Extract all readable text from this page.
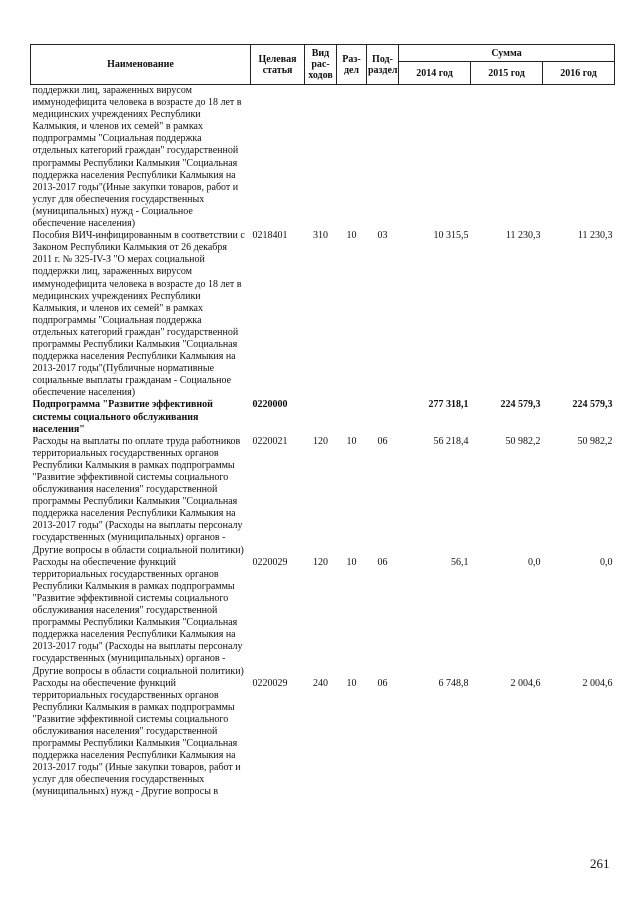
Наименование	Целевая статья	Вид рас- ходов	Раз- дел	Под- раздел	Сумма		
					2014 год	2015 год	2016 год
поддержки лиц, зараженных вирусом иммунодефицита человека в возрасте до 18 лет в медицинских учреждениях Республики Калмыкия, и членов их семей" в рамках подпрограммы "Социальная поддержка отдельных категорий граждан" государственной программы Республики Калмыкия "Социальная поддержка населения Республики Калмыкия на 2013-2017 годы"(Иные закупки товаров, работ и услуг для обеспечения государственных (муниципальных) нужд - Социальное обеспечение населения)							
Пособия ВИЧ-инфицированным в соответствии с Законом Республики Калмыкия от 26 декабря 2011 г. № 325-IV-З "О мерах социальной поддержки лиц, зараженных вирусом иммунодефицита человека в возрасте до 18 лет в медицинских учреждениях Республики Калмыкия, и членов их семей" в рамках подпрограммы "Социальная поддержка отдельных категорий граждан" государственной программы Республики Калмыкия "Социальная поддержка населения Республики Калмыкия на 2013-2017 годы"(Публичные нормативные социальные выплаты гражданам - Социальное обеспечение населения)	0218401	310	10	03	10 315,5	11 230,3	11 230,3
Подпрограмма "Развитие эффективной системы социального обслуживания населения"	0220000				277 318,1	224 579,3	224 579,3
Расходы на выплаты по оплате труда работников территориальных государственных органов Республики Калмыкия в рамках подпрограммы "Развитие эффективной системы социального обслуживания населения" государственной программы Республики Калмыкия "Социальная поддержка населения Республики Калмыкия на 2013-2017 годы" (Расходы на выплаты персоналу государственных (муниципальных) органов - Другие вопросы в области социальной политики)	0220021	120	10	06	56 218,4	50 982,2	50 982,2
Расходы на обеспечение функций территориальных государственных органов Республики Калмыкия в рамках подпрограммы "Развитие эффективной системы социального обслуживания населения" государственной программы Республики Калмыкия "Социальная поддержка населения Республики Калмыкия на 2013-2017 годы" (Расходы на выплаты персоналу государственных (муниципальных) органов - Другие вопросы в области социальной политики)	0220029	120	10	06	56,1	0,0	0,0
Расходы на обеспечение функций территориальных государственных органов Республики Калмыкия в рамках подпрограммы "Развитие эффективной системы социального обслуживания населения" государственной программы Республики Калмыкия "Социальная поддержка населения Республики Калмыкия на 2013-2017 годы" (Иные закупки товаров, работ и услуг для обеспечения государственных (муниципальных) нужд - Другие вопросы в	0220029	240	10	06	6 748,8	2 004,6	2 004,6
261
